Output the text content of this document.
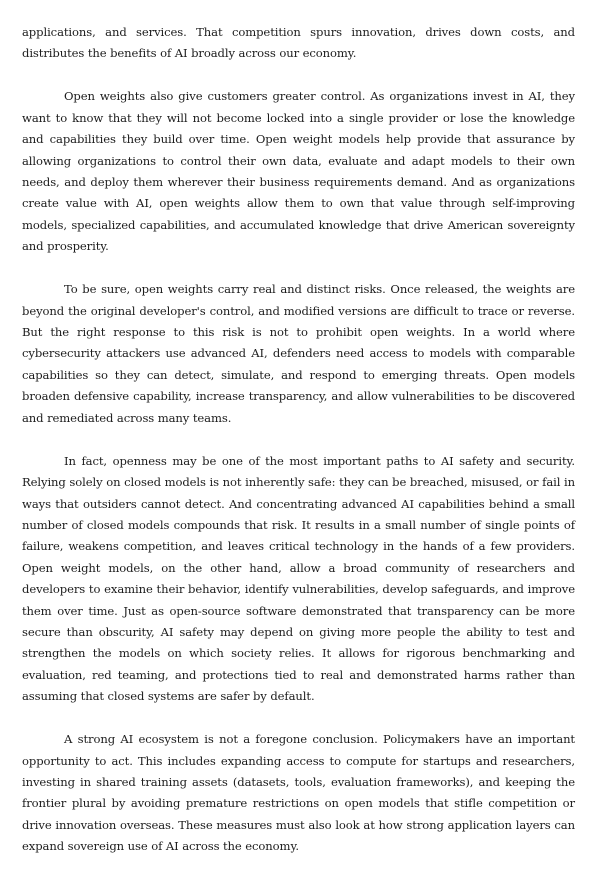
applications, and services. That competition spurs innovation, drives down costs, and distributes the benefits of AI broadly across our economy.

Open weights also give customers greater control. As organizations invest in AI, they want to know that they will not become locked into a single provider or lose the knowledge and capabilities they build over time. Open weight models help provide that assurance by allowing organizations to control their own data, evaluate and adapt models to their own needs, and deploy them wherever their business requirements demand. And as organizations create value with AI, open weights allow them to own that value through self-improving models, specialized capabilities, and accumulated knowledge that drive American sovereignty and prosperity.

To be sure, open weights carry real and distinct risks. Once released, the weights are beyond the original developer's control, and modified versions are difficult to trace or reverse. But the right response to this risk is not to prohibit open weights. In a world where cybersecurity attackers use advanced AI, defenders need access to models with comparable capabilities so they can detect, simulate, and respond to emerging threats. Open models broaden defensive capability, increase transparency, and allow vulnerabilities to be discovered and remediated across many teams.

In fact, openness may be one of the most important paths to AI safety and security. Relying solely on closed models is not inherently safe: they can be breached, misused, or fail in ways that outsiders cannot detect. And concentrating advanced AI capabilities behind a small number of closed models compounds that risk. It results in a small number of single points of failure, weakens competition, and leaves critical technology in the hands of a few providers. Open weight models, on the other hand, allow a broad community of researchers and developers to examine their behavior, identify vulnerabilities, develop safeguards, and improve them over time. Just as open-source software demonstrated that transparency can be more secure than obscurity, AI safety may depend on giving more people the ability to test and strengthen the models on which society relies. It allows for rigorous benchmarking and evaluation, red teaming, and protections tied to real and demonstrated harms rather than assuming that closed systems are safer by default.

A strong AI ecosystem is not a foregone conclusion. Policymakers have an important opportunity to act. This includes expanding access to compute for startups and researchers, investing in shared training assets (datasets, tools, evaluation frameworks), and keeping the frontier plural by avoiding premature restrictions on open models that stifle competition or drive innovation overseas. These measures must also look at how strong application layers can expand sovereign use of AI across the economy.
